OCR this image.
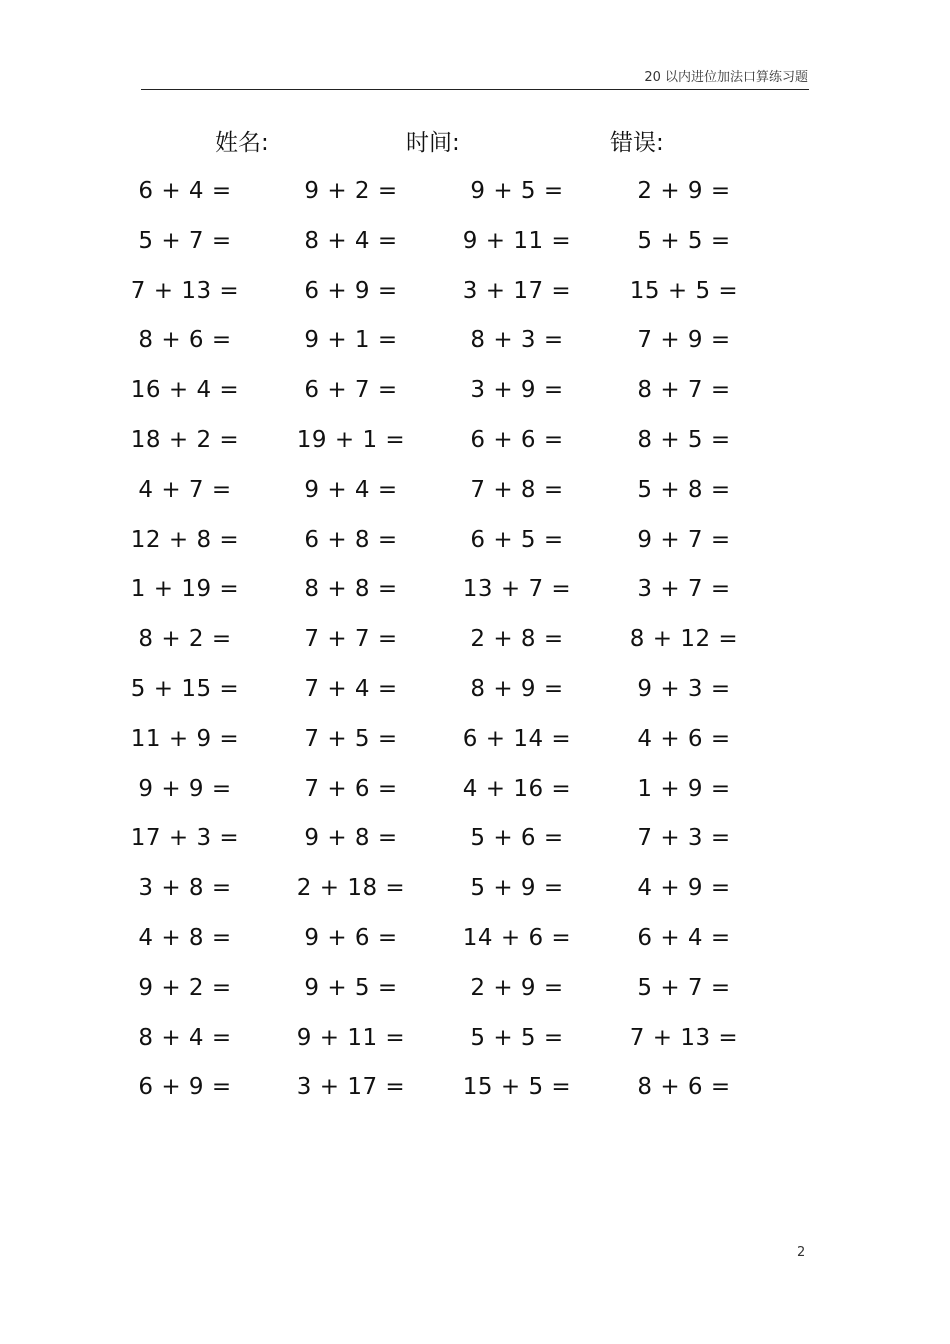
20 以内进位加法口算练习题
姓名:	时间:	错误:
6 + 4 =	9 + 2 =	9 + 5 =	2 + 9 =
5 + 7 =	8 + 4 =	9 + 11 =	5 + 5 =
7 + 13 =	6 + 9 =	3 + 17 =	15 + 5 =
8 + 6 =	9 + 1 =	8 + 3 =	7 + 9 =
16 + 4 =	6 + 7 =	3 + 9 =	8 + 7 =
18 + 2 =	19 + 1 =	6 + 6 =	8 + 5 =
4 + 7 =	9 + 4 =	7 + 8 =	5 + 8 =
12 + 8 =	6 + 8 =	6 + 5 =	9 + 7 =
1 + 19 =	8 + 8 =	13 + 7 =	3 + 7 =
8 + 2 =	7 + 7 =	2 + 8 =	8 + 12 =
5 + 15 =	7 + 4 =	8 + 9 =	9 + 3 =
11 + 9 =	7 + 5 =	6 + 14 =	4 + 6 =
9 + 9 =	7 + 6 =	4 + 16 =	1 + 9 =
17 + 3 =	9 + 8 =	5 + 6 =	7 + 3 =
3 + 8 =	2 + 18 =	5 + 9 =	4 + 9 =
4 + 8 =	9 + 6 =	14 + 6 =	6 + 4 =
9 + 2 =	9 + 5 =	2 + 9 =	5 + 7 =
8 + 4 =	9 + 11 =	5 + 5 =	7 + 13 =
6 + 9 =	3 + 17 =	15 + 5 =	8 + 6 =
2
